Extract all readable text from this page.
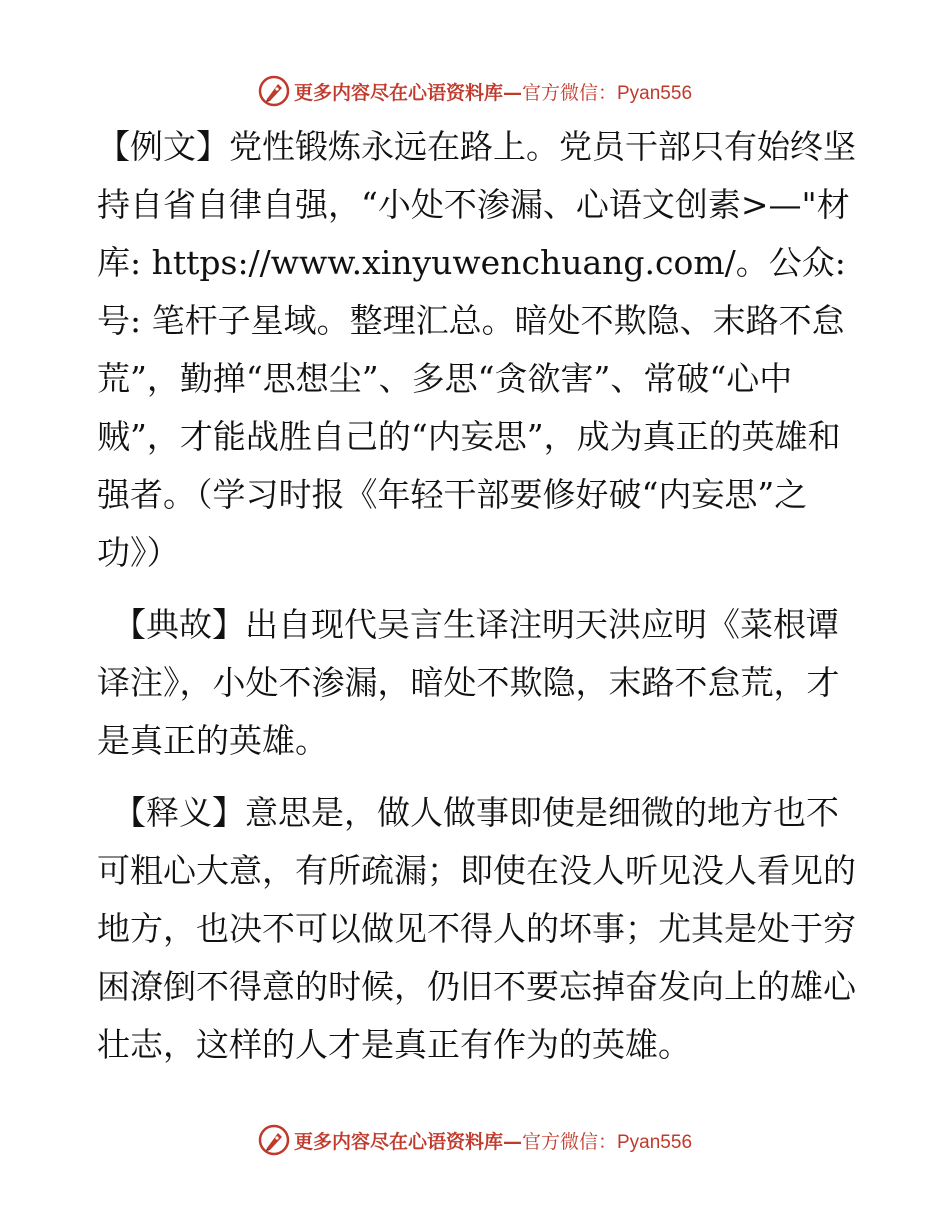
更多内容尽在心语资料库—官方微信：Pyan556

【例文】党性锻炼永远在路上。党员干部只有始终坚持自省自律自强，“小处不渗漏、心语文创素>—"材库: https://www.xinyuwenchuang.com/。公众:号: 笔杆子星域。整理汇总。暗处不欺隐、末路不怠荒”，勤掸“思想尘”、多思“贪欲害”、常破“心中贼”，才能战胜自己的“内妄思”，成为真正的英雄和强者。（学习时报《年轻干部要修好破“内妄思”之功》）

【典故】出自现代吴言生译注明天洪应明《菜根谭译注》，小处不渗漏，暗处不欺隐，末路不怠荒，才是真正的英雄。

【释义】意思是，做人做事即使是细微的地方也不可粗心大意，有所疏漏；即使在没人听见没人看见的地方，也决不可以做见不得人的坏事；尤其是处于穷困潦倒不得意的时候，仍旧不要忘掉奋发向上的雄心壮志，这样的人才是真正有作为的英雄。

更多内容尽在心语资料库—官方微信：Pyan556
